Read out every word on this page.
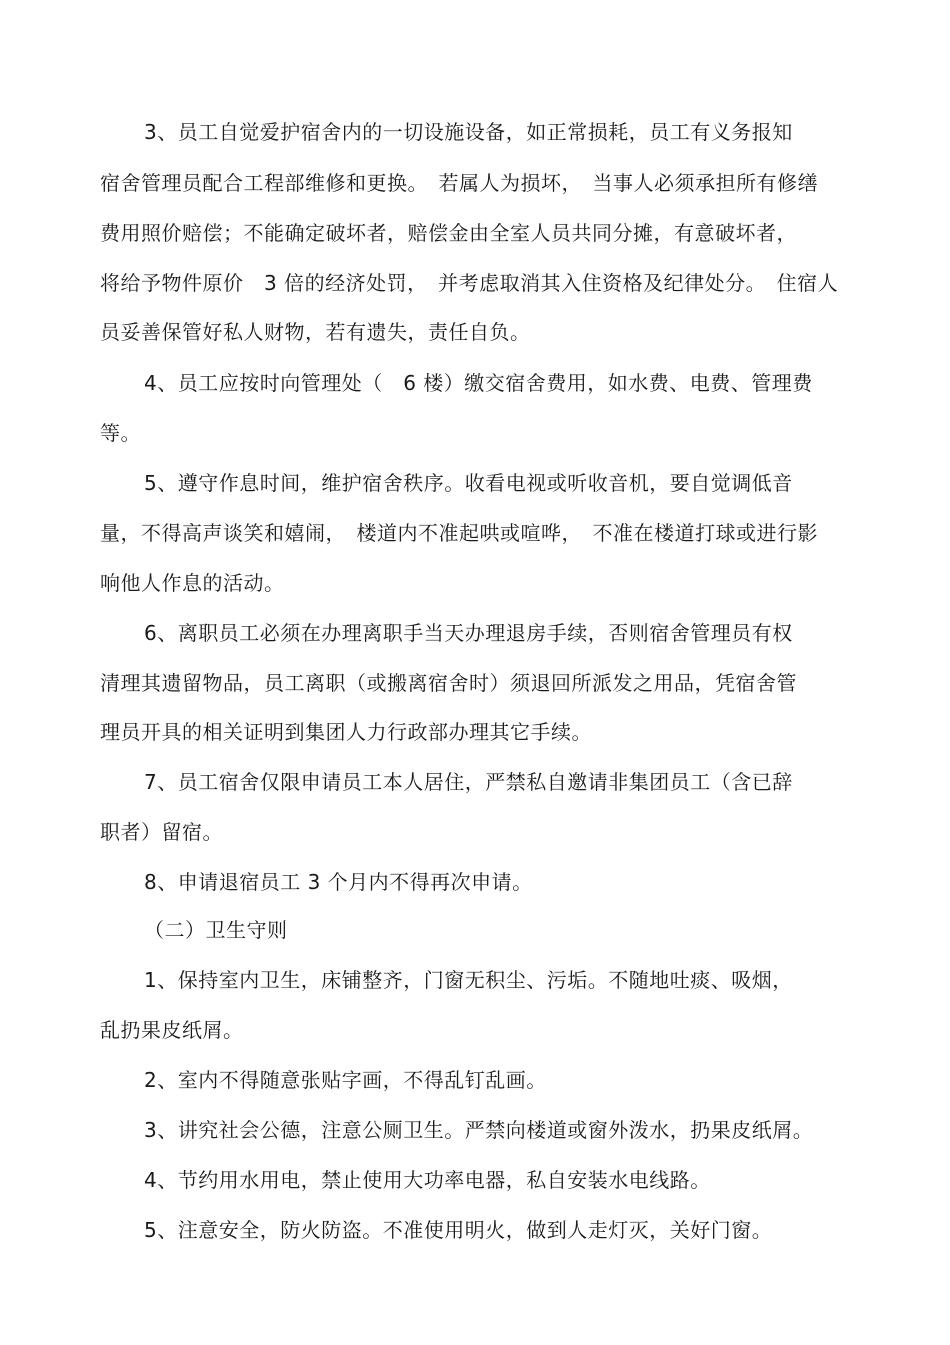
3、员工自觉爱护宿舍内的一切设施设备，如正常损耗，员工有义务报知
宿舍管理员配合工程部维修和更换。　若属人为损坏，　当事人必须承担所有修缮
费用照价赔偿；不能确定破坏者，赔偿金由全室人员共同分摊，有意破坏者，
将给予物件原价　3 倍的经济处罚，　并考虑取消其入住资格及纪律处分。　住宿人
员妥善保管好私人财物，若有遗失，责任自负。
4、员工应按时向管理处（　6 楼）缴交宿舍费用，如水费、电费、管理费
等。
5、遵守作息时间，维护宿舍秩序。收看电视或听收音机，要自觉调低音
量，不得高声谈笑和嬉闹，　楼道内不准起哄或喧哗，　不准在楼道打球或进行影
响他人作息的活动。
6、离职员工必须在办理离职手当天办理退房手续，否则宿舍管理员有权
清理其遗留物品，员工离职（或搬离宿舍时）须退回所派发之用品，凭宿舍管
理员开具的相关证明到集团人力行政部办理其它手续。
7、员工宿舍仅限申请员工本人居住，严禁私自邀请非集团员工（含已辞
职者）留宿。
8、申请退宿员工 3 个月内不得再次申请。
（二）卫生守则
1、保持室内卫生，床铺整齐，门窗无积尘、污垢。不随地吐痰、吸烟，
乱扔果皮纸屑。
2、室内不得随意张贴字画，不得乱钉乱画。
3、讲究社会公德，注意公厕卫生。严禁向楼道或窗外泼水，扔果皮纸屑。
4、节约用水用电，禁止使用大功率电器，私自安装水电线路。
5、注意安全，防火防盗。不准使用明火，做到人走灯灭，关好门窗。
